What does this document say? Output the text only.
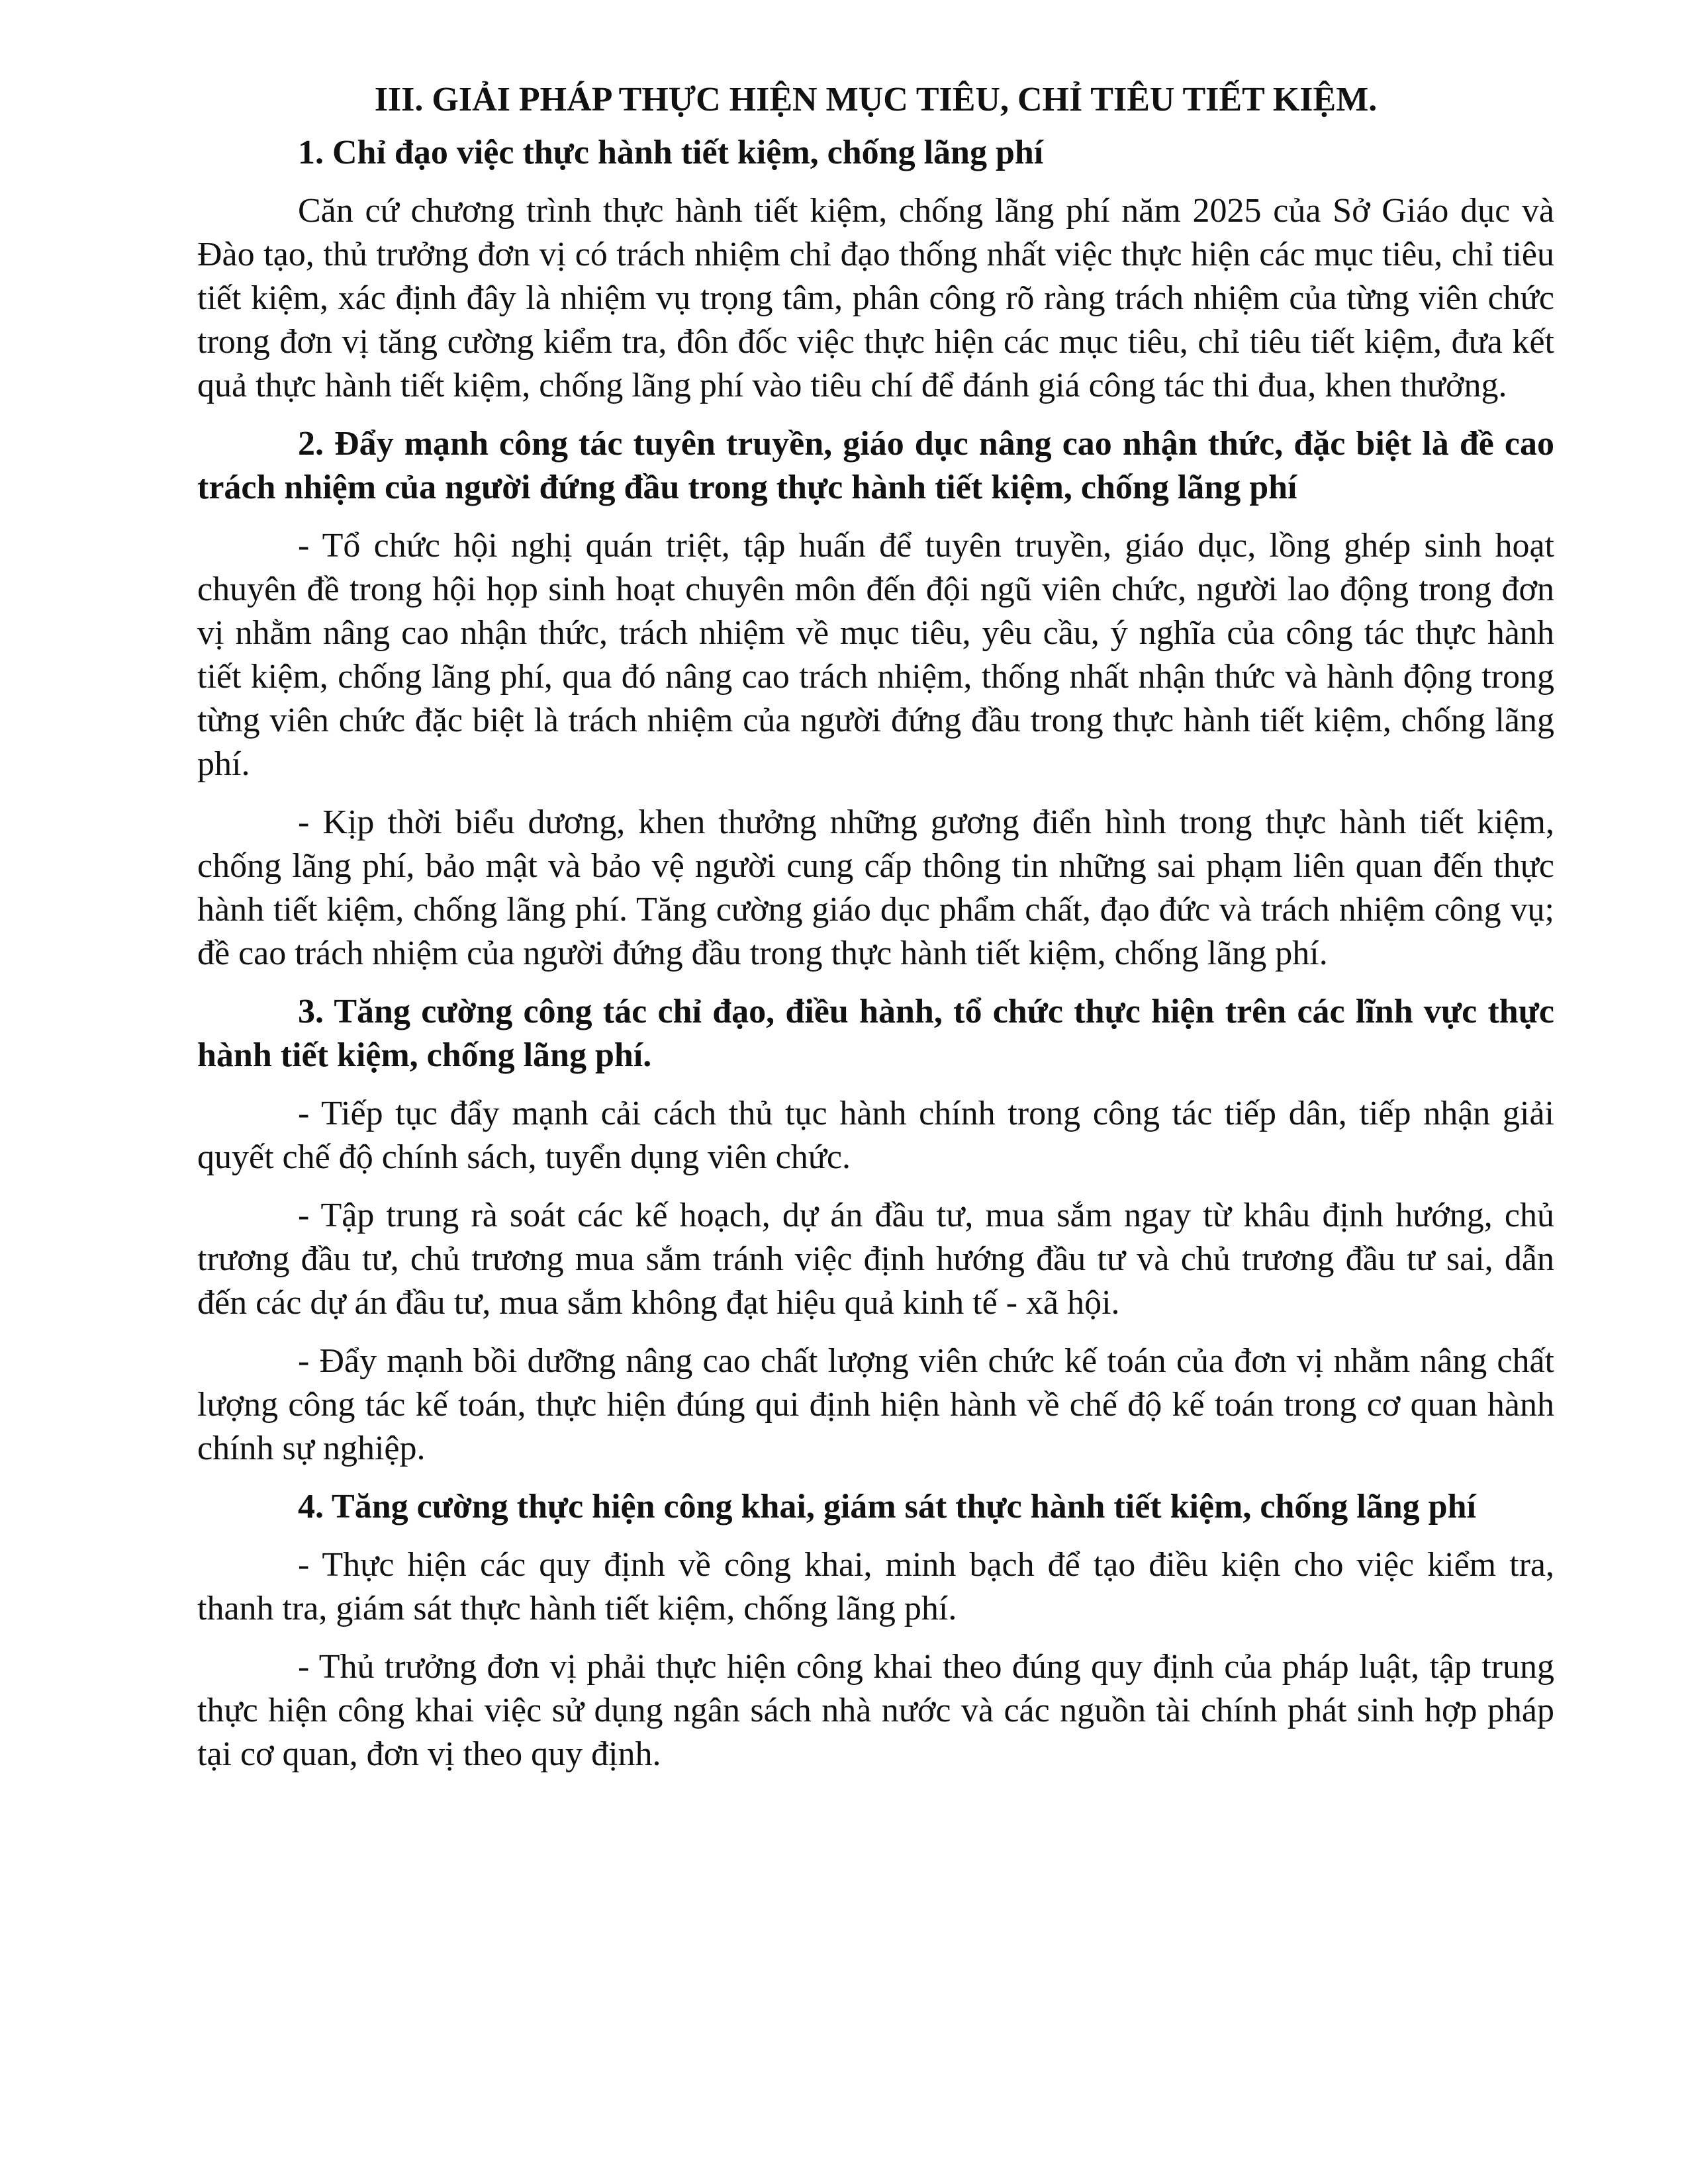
III. GIẢI PHÁP THỰC HIỆN MỤC TIÊU, CHỈ TIÊU TIẾT KIỆM.
1. Chỉ đạo việc thực hành tiết kiệm, chống lãng phí
Căn cứ chương trình thực hành tiết kiệm, chống lãng phí năm 2025 của Sở Giáo dục và Đào tạo, thủ trưởng đơn vị có trách nhiệm chỉ đạo thống nhất việc thực hiện các mục tiêu, chỉ tiêu tiết kiệm, xác định đây là nhiệm vụ trọng tâm, phân công rõ ràng trách nhiệm của từng viên chức trong đơn vị tăng cường kiểm tra, đôn đốc việc thực hiện các mục tiêu, chỉ tiêu tiết kiệm, đưa kết quả thực hành tiết kiệm, chống lãng phí vào tiêu chí để đánh giá công tác thi đua, khen thưởng.
2. Đẩy mạnh công tác tuyên truyền, giáo dục nâng cao nhận thức, đặc biệt là đề cao trách nhiệm của người đứng đầu trong thực hành tiết kiệm, chống lãng phí
- Tổ chức hội nghị quán triệt, tập huấn để tuyên truyền, giáo dục, lồng ghép sinh hoạt chuyên đề trong hội họp sinh hoạt chuyên môn đến đội ngũ viên chức, người lao động trong đơn vị nhằm nâng cao nhận thức, trách nhiệm về mục tiêu, yêu cầu, ý nghĩa của công tác thực hành tiết kiệm, chống lãng phí, qua đó nâng cao trách nhiệm, thống nhất nhận thức và hành động trong từng viên chức đặc biệt là trách nhiệm của người đứng đầu trong thực hành tiết kiệm, chống lãng phí.
- Kịp thời biểu dương, khen thưởng những gương điển hình trong thực hành tiết kiệm, chống lãng phí, bảo mật và bảo vệ người cung cấp thông tin những sai phạm liên quan đến thực hành tiết kiệm, chống lãng phí. Tăng cường giáo dục phẩm chất, đạo đức và trách nhiệm công vụ; đề cao trách nhiệm của người đứng đầu trong thực hành tiết kiệm, chống lãng phí.
3. Tăng cường công tác chỉ đạo, điều hành, tổ chức thực hiện trên các lĩnh vực thực hành tiết kiệm, chống lãng phí.
- Tiếp tục đẩy mạnh cải cách thủ tục hành chính trong công tác tiếp dân, tiếp nhận giải quyết chế độ chính sách, tuyển dụng viên chức.
- Tập trung rà soát các kế hoạch, dự án đầu tư, mua sắm ngay từ khâu định hướng, chủ trương đầu tư, chủ trương mua sắm tránh việc định hướng đầu tư và chủ trương đầu tư sai, dẫn đến các dự án đầu tư, mua sắm không đạt hiệu quả kinh tế - xã hội.
- Đẩy mạnh bồi dưỡng nâng cao chất lượng viên chức kế toán của đơn vị nhằm nâng chất lượng công tác kế toán, thực hiện đúng qui định hiện hành về chế độ kế toán trong cơ quan hành chính sự nghiệp.
4. Tăng cường thực hiện công khai, giám sát thực hành tiết kiệm, chống lãng phí
- Thực hiện các quy định về công khai, minh bạch để tạo điều kiện cho việc kiểm tra, thanh tra, giám sát thực hành tiết kiệm, chống lãng phí.
- Thủ trưởng đơn vị phải thực hiện công khai theo đúng quy định của pháp luật, tập trung thực hiện công khai việc sử dụng ngân sách nhà nước và các nguồn tài chính phát sinh hợp pháp tại cơ quan, đơn vị theo quy định.
